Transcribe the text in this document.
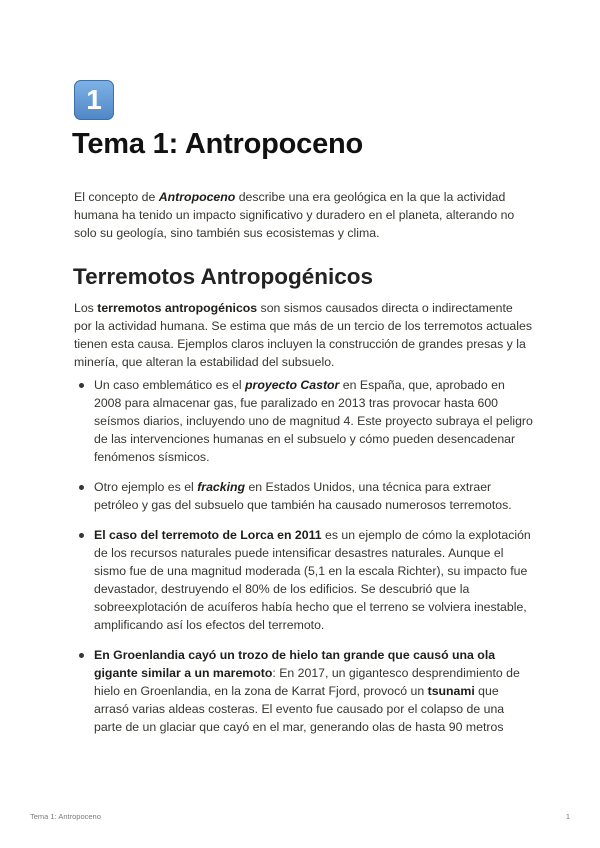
1
Tema 1: Antropoceno

El concepto de Antropoceno describe una era geológica en la que la actividad humana ha tenido un impacto significativo y duradero en el planeta, alterando no solo su geología, sino también sus ecosistemas y clima.

Terremotos Antropogénicos

Los terremotos antropogénicos son sismos causados directa o indirectamente por la actividad humana. Se estima que más de un tercio de los terremotos actuales tienen esta causa. Ejemplos claros incluyen la construcción de grandes presas y la minería, que alteran la estabilidad del subsuelo.

Un caso emblemático es el proyecto Castor en España, que, aprobado en 2008 para almacenar gas, fue paralizado en 2013 tras provocar hasta 600 seísmos diarios, incluyendo uno de magnitud 4. Este proyecto subraya el peligro de las intervenciones humanas en el subsuelo y cómo pueden desencadenar fenómenos sísmicos.
Otro ejemplo es el fracking en Estados Unidos, una técnica para extraer petróleo y gas del subsuelo que también ha causado numerosos terremotos.
El caso del terremoto de Lorca en 2011 es un ejemplo de cómo la explotación de los recursos naturales puede intensificar desastres naturales. Aunque el sismo fue de una magnitud moderada (5,1 en la escala Richter), su impacto fue devastador, destruyendo el 80% de los edificios. Se descubrió que la sobreexplotación de acuíferos había hecho que el terreno se volviera inestable, amplificando así los efectos del terremoto.
En Groenlandia cayó un trozo de hielo tan grande que causó una ola gigante similar a un maremoto: En 2017, un gigantesco desprendimiento de hielo en Groenlandia, en la zona de Karrat Fjord, provocó un tsunami que arrasó varias aldeas costeras. El evento fue causado por el colapso de una parte de un glaciar que cayó en el mar, generando olas de hasta 90 metros
Tema 1: Antropoceno	1
